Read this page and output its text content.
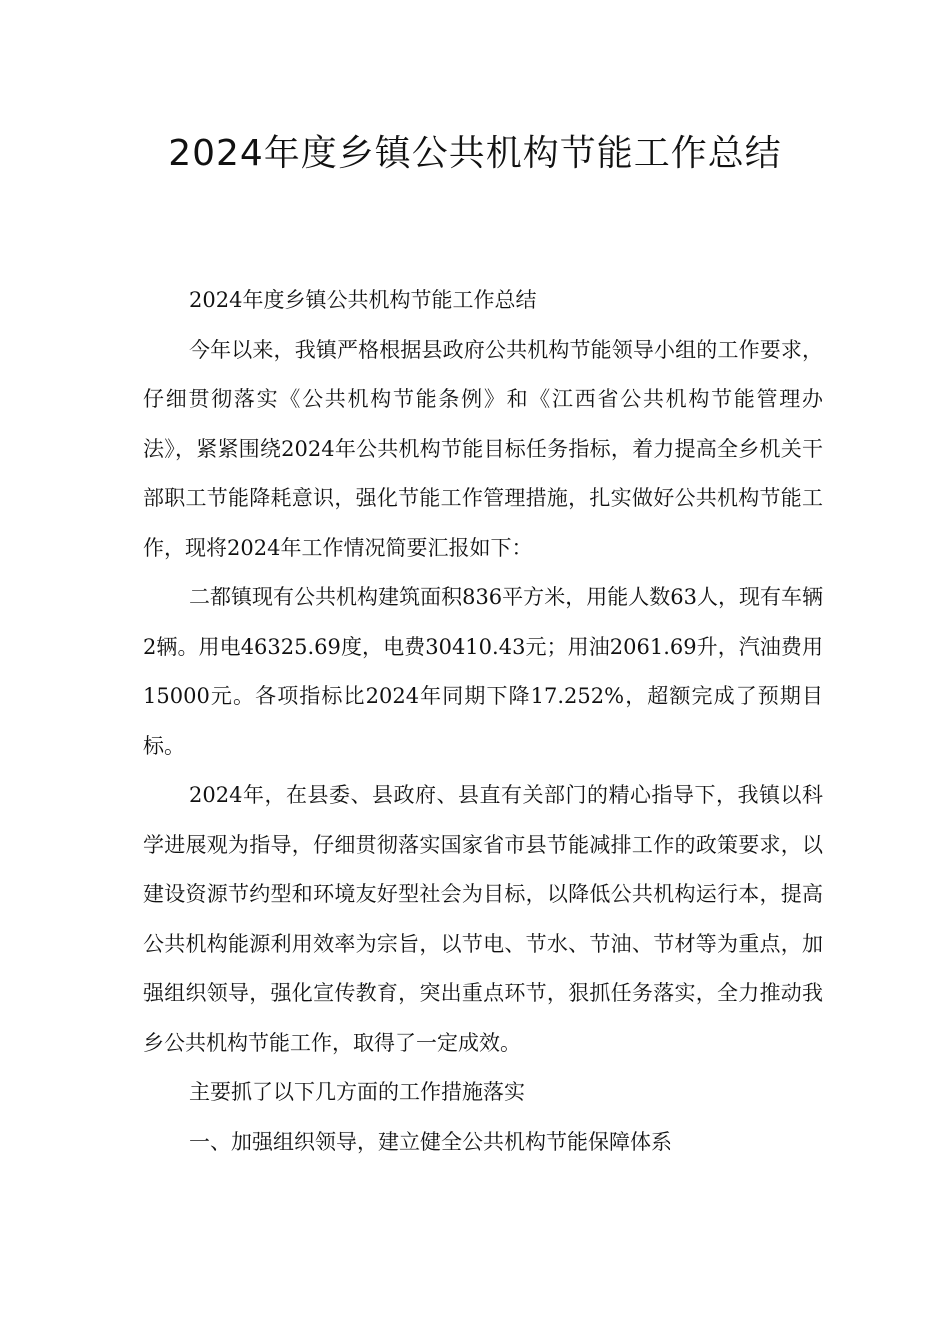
2024年度乡镇公共机构节能工作总结

2024年度乡镇公共机构节能工作总结

今年以来，我镇严格根据县政府公共机构节能领导小组的工作要求，仔细贯彻落实《公共机构节能条例》和《江西省公共机构节能管理办法》，紧紧围绕2024年公共机构节能目标任务指标，着力提高全乡机关干部职工节能降耗意识，强化节能工作管理措施，扎实做好公共机构节能工作，现将2024年工作情况简要汇报如下：

二都镇现有公共机构建筑面积836平方米，用能人数63人，现有车辆2辆。用电46325.69度，电费30410.43元；用油2061.69升，汽油费用15000元。各项指标比2024年同期下降17.252%，超额完成了预期目标。

2024年，在县委、县政府、县直有关部门的精心指导下，我镇以科学进展观为指导，仔细贯彻落实国家省市县节能减排工作的政策要求，以建设资源节约型和环境友好型社会为目标，以降低公共机构运行本，提高公共机构能源利用效率为宗旨，以节电、节水、节油、节材等为重点，加强组织领导，强化宣传教育，突出重点环节，狠抓任务落实，全力推动我乡公共机构节能工作，取得了一定成效。

主要抓了以下几方面的工作措施落实

一、加强组织领导，建立健全公共机构节能保障体系
